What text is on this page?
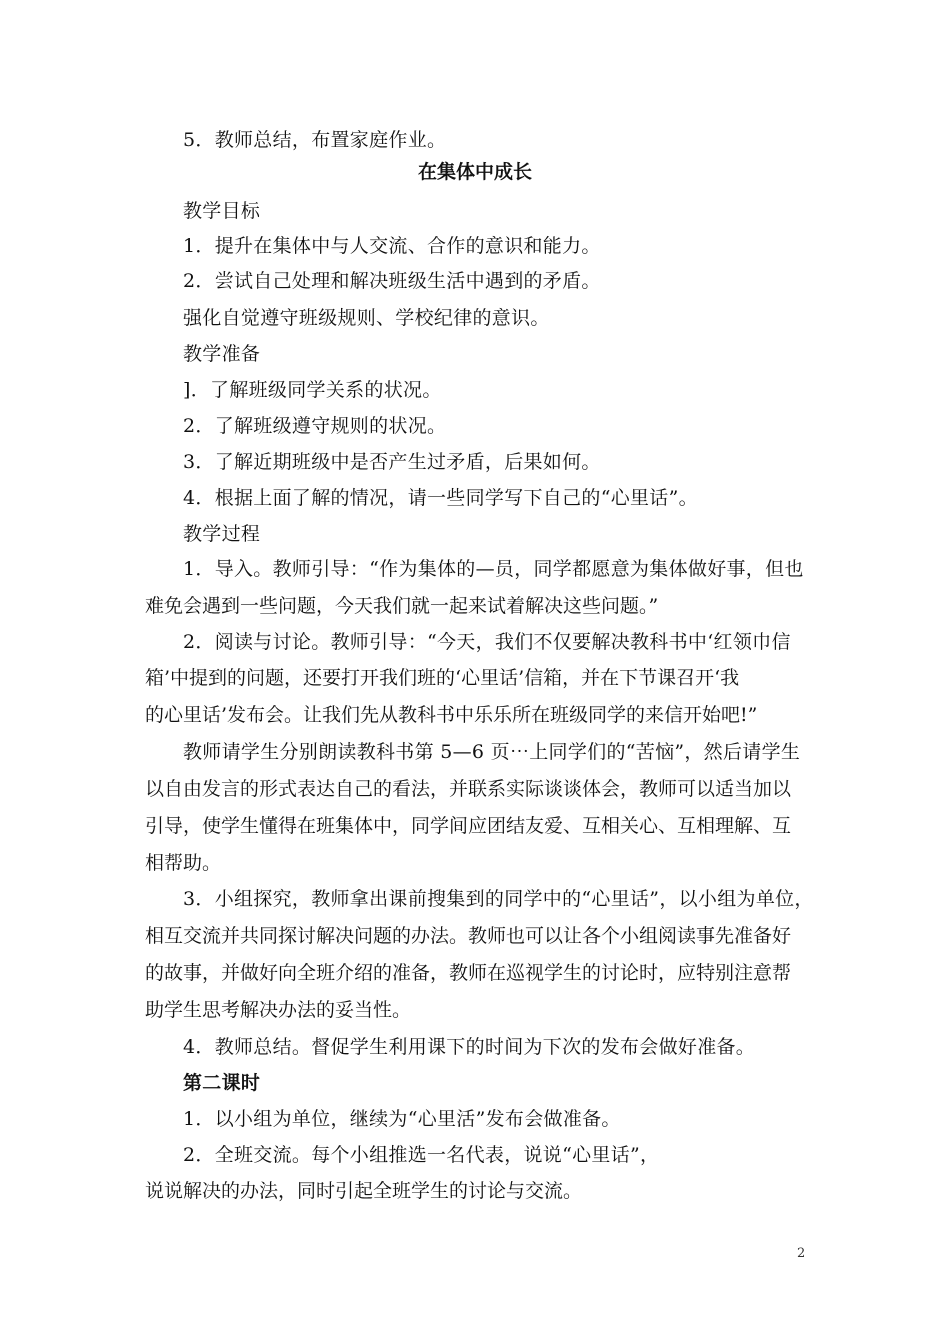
5．教师总结，布置家庭作业。
在集体中成长
教学目标
1．提升在集体中与人交流、合作的意识和能力。
2．尝试自己处理和解决班级生活中遇到的矛盾。
强化自觉遵守班级规则、学校纪律的意识。
教学准备
]．了解班级同学关系的状况。
2．了解班级遵守规则的状况。
3．了解近期班级中是否产生过矛盾，后果如何。
4．根据上面了解的情况，请一些同学写下自己的“心里话”。
教学过程
1．导入。教师引导：“作为集体的—员，同学都愿意为集体做好事，但也
难免会遇到一些问题，今天我们就一起来试着解决这些问题。”
2．阅读与讨论。教师引导：“今天，我们不仅要解决教科书中‘红领巾信
箱’中提到的问题，还要打开我们班的‘心里话’信箱，并在下节课召开‘我
的心里话’发布会。让我们先从教科书中乐乐所在班级同学的来信开始吧!”
教师请学生分别朗读教科书第 5—6 页⋯上同学们的“苦恼”，然后请学生
以自由发言的形式表达自己的看法，并联系实际谈谈体会，教师可以适当加以
引导，使学生懂得在班集体中，同学间应团结友爱、互相关心、互相理解、互
相帮助。
3．小组探究，教师拿出课前搜集到的同学中的“心里话”，以小组为单位，
相互交流并共同探讨解决问题的办法。教师也可以让各个小组阅读事先准备好
的故事，并做好向全班介绍的准备，教师在巡视学生的讨论时，应特别注意帮
助学生思考解决办法的妥当性。
4．教师总结。督促学生利用课下的时间为下次的发布会做好准备。
第二课时
1．以小组为单位，继续为“心里活”发布会做准备。
2．全班交流。每个小组推选一名代表，说说“心里话”，
说说解决的办法，同时引起全班学生的讨论与交流。
2
